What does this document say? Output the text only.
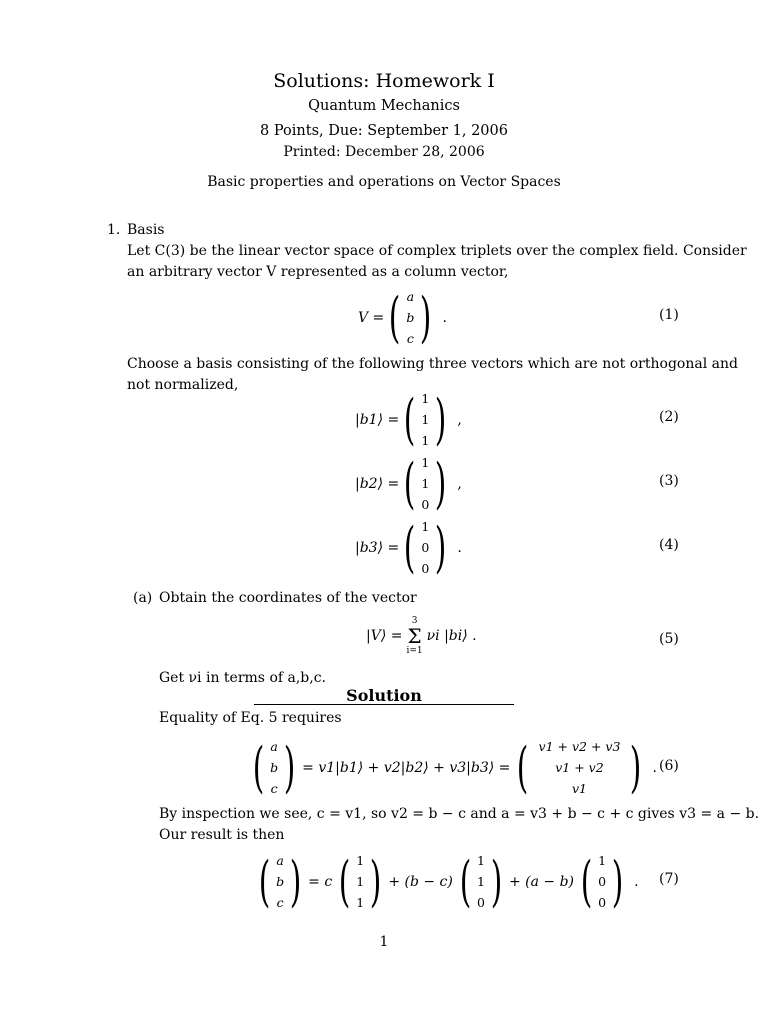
Solutions: Homework I
Quantum Mechanics
8 Points, Due: September 1, 2006
Printed: December 28, 2006
Basic properties and operations on Vector Spaces
1. Basis
Let C(3) be the linear vector space of complex triplets over the complex field. Consider
an arbitrary vector V represented as a column vector,
V = ( a
b
c ) .	(1)
Choose a basis consisting of the following three vectors which are not orthogonal and
not normalized,
|b1⟩ = ( 1
1
1 ) ,	(2)
|b2⟩ = ( 1
1
0 ) ,	(3)
|b3⟩ = ( 1
0
0 ) .	(4)
(a) Obtain the coordinates of the vector
|V⟩ =
3
Σ
i=1
νi |bi⟩ .	(5)
Get νi in terms of a,b,c.
Solution
Equality of Eq. 5 requires
( a
b
c ) = v1|b1⟩ + v2|b2⟩ + v3|b3⟩ = ( v1 + v2 + v3
v1 + v2
v1 ) . (6)
By inspection we see, c = v1, so v2 = b − c and a = v3 + b − c + c gives v3 = a − b.
Our result is then
( a
b
c ) = c ( 1
1
1 ) + (b − c) ( 1
1
0 ) + (a − b) ( 1
0
0 ) . (7)
1
